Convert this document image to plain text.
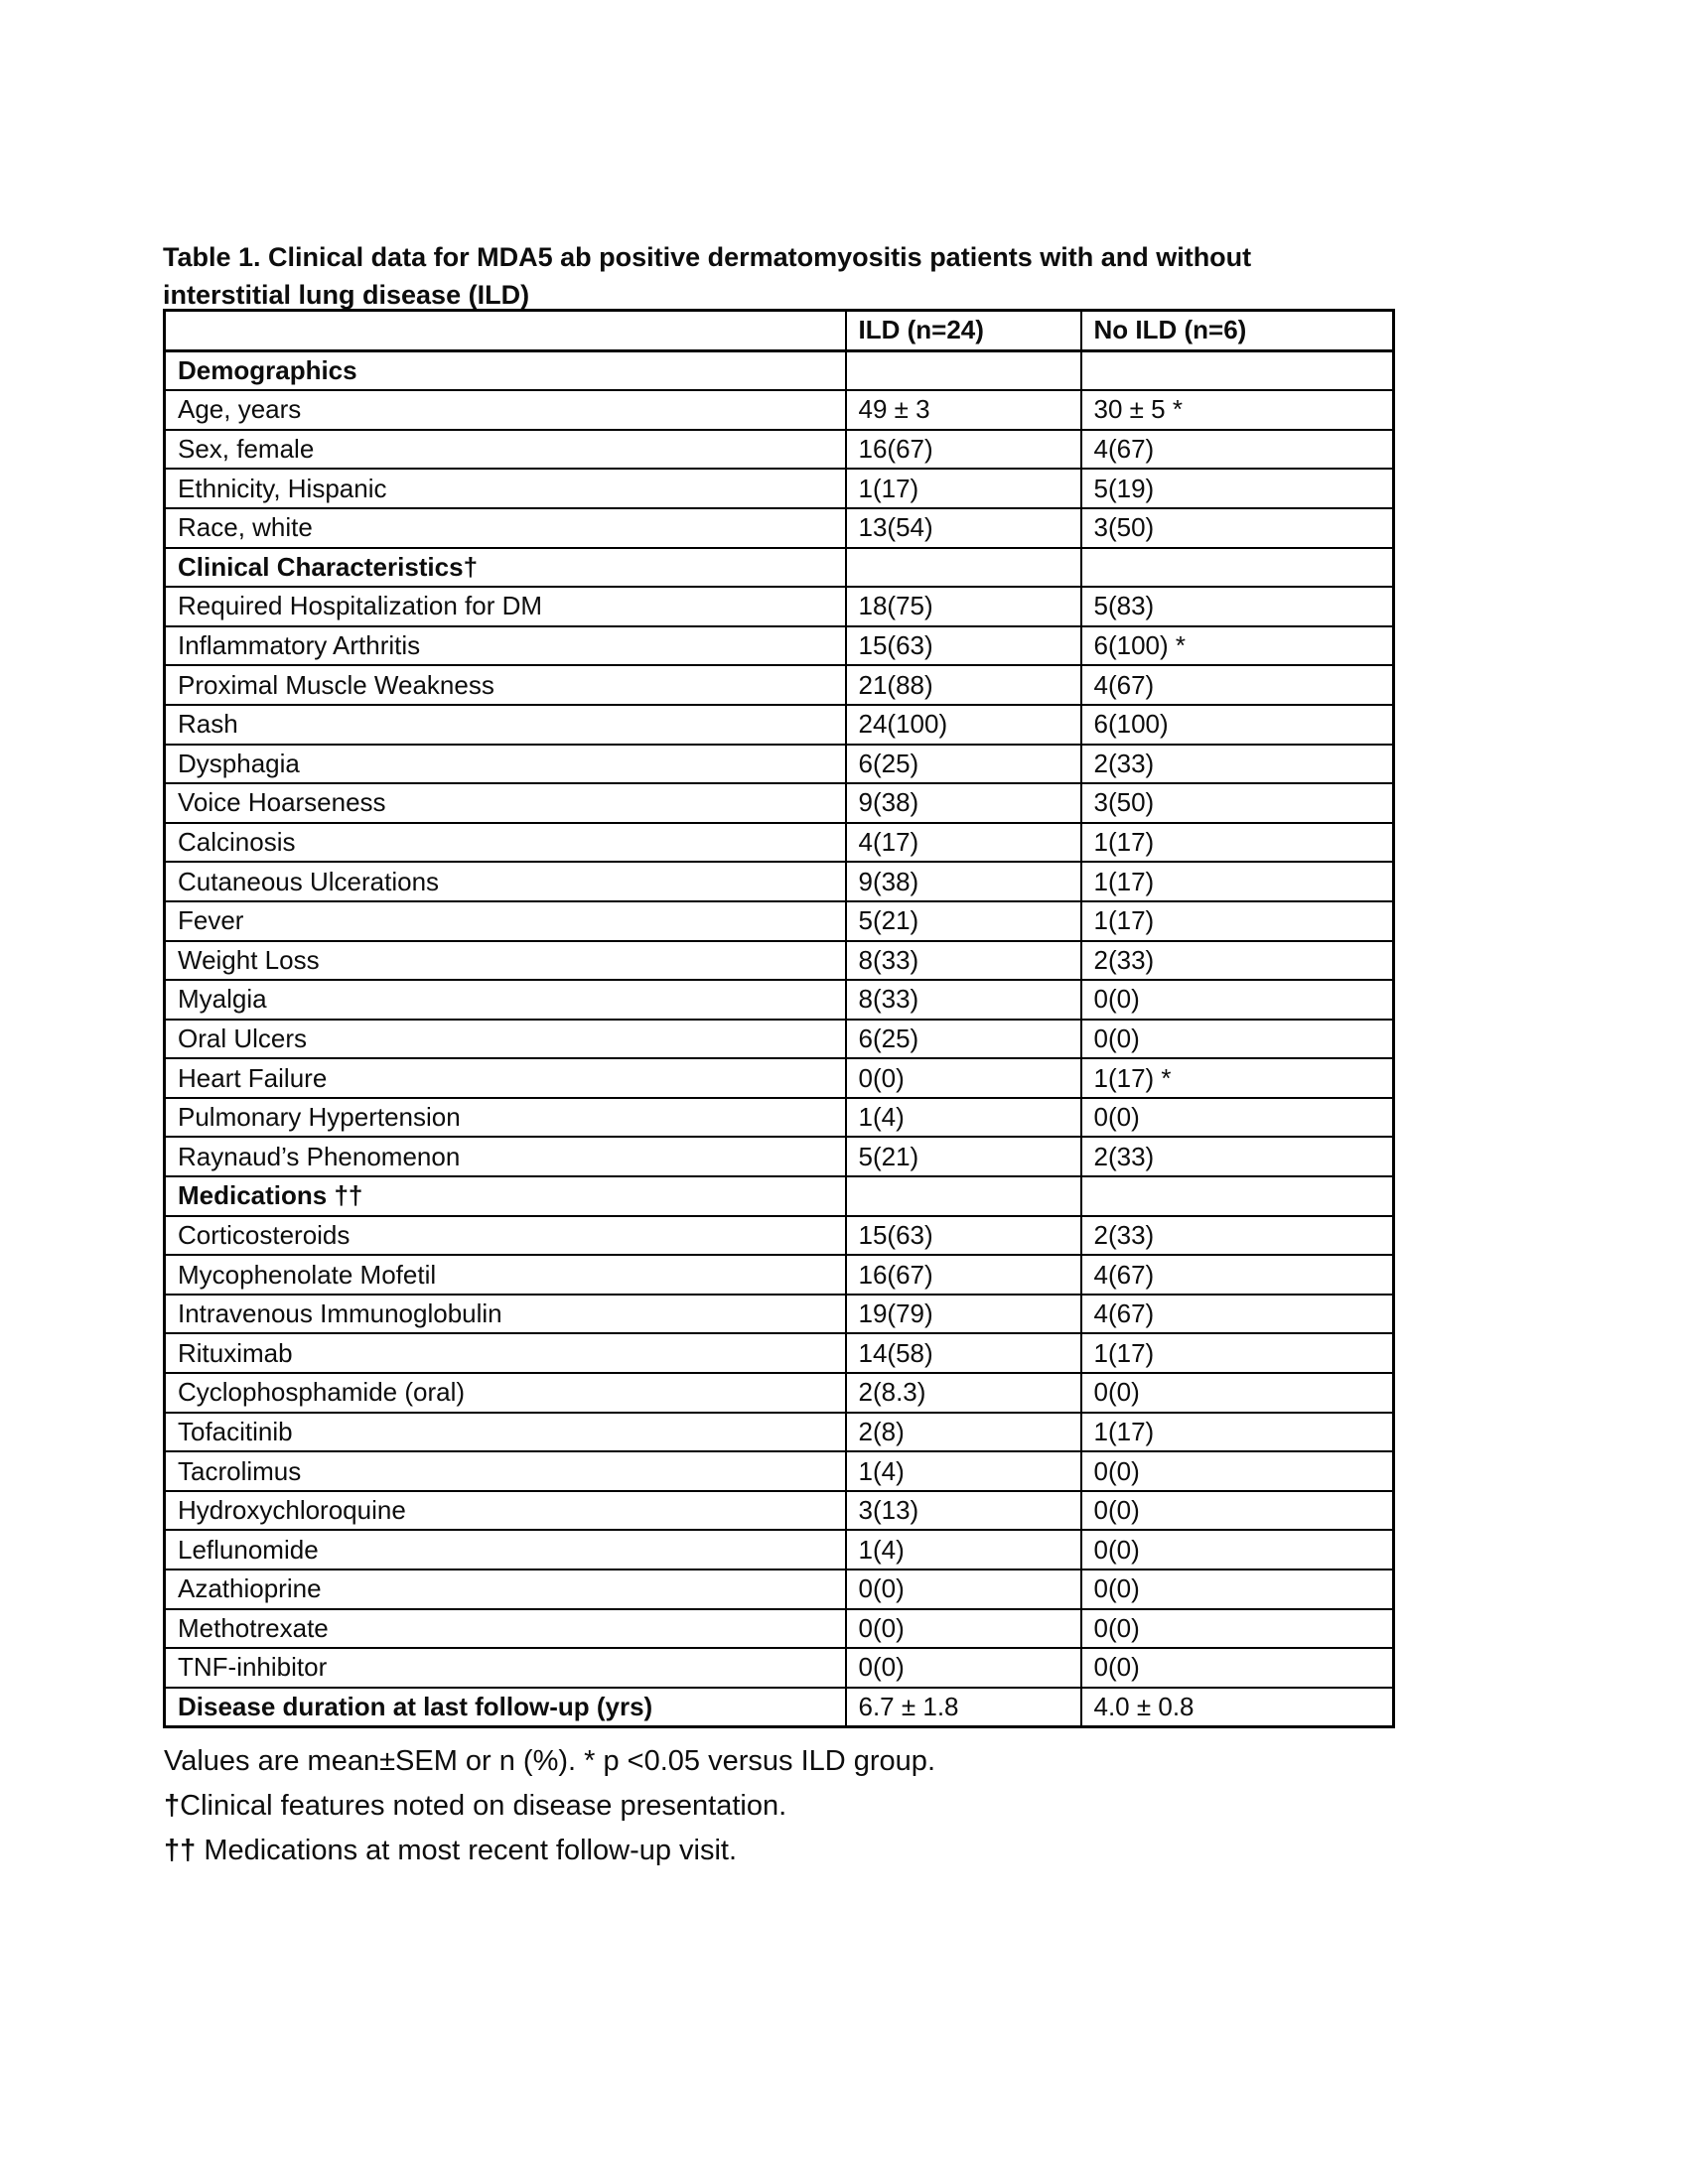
Table 1. Clinical data for MDA5 ab positive dermatomyositis patients with and without
interstitial lung disease (ILD)
	ILD (n=24)	No ILD (n=6)
Demographics		
Age, years	49 ± 3	30 ± 5 *
Sex, female	16(67)	4(67)
Ethnicity, Hispanic	1(17)	5(19)
Race, white	13(54)	3(50)
Clinical Characteristics†		
Required Hospitalization for DM	18(75)	5(83)
Inflammatory Arthritis	15(63)	6(100) *
Proximal Muscle Weakness	21(88)	4(67)
Rash	24(100)	6(100)
Dysphagia	6(25)	2(33)
Voice Hoarseness	9(38)	3(50)
Calcinosis	4(17)	1(17)
Cutaneous Ulcerations	9(38)	1(17)
Fever	5(21)	1(17)
Weight Loss	8(33)	2(33)
Myalgia	8(33)	0(0)
Oral Ulcers	6(25)	0(0)
Heart Failure	0(0)	1(17) *
Pulmonary Hypertension	1(4)	0(0)
Raynaud’s Phenomenon	5(21)	2(33)
Medications ††		
Corticosteroids	15(63)	2(33)
Mycophenolate Mofetil	16(67)	4(67)
Intravenous Immunoglobulin	19(79)	4(67)
Rituximab	14(58)	1(17)
Cyclophosphamide (oral)	2(8.3)	0(0)
Tofacitinib	2(8)	1(17)
Tacrolimus	1(4)	0(0)
Hydroxychloroquine	3(13)	0(0)
Leflunomide	1(4)	0(0)
Azathioprine	0(0)	0(0)
Methotrexate	0(0)	0(0)
TNF-inhibitor	0(0)	0(0)
Disease duration at last follow-up (yrs)	6.7 ± 1.8	4.0 ± 0.8
Values are mean±SEM or n (%). * p <0.05 versus ILD group.
†Clinical features noted on disease presentation.
†† Medications at most recent follow-up visit.
